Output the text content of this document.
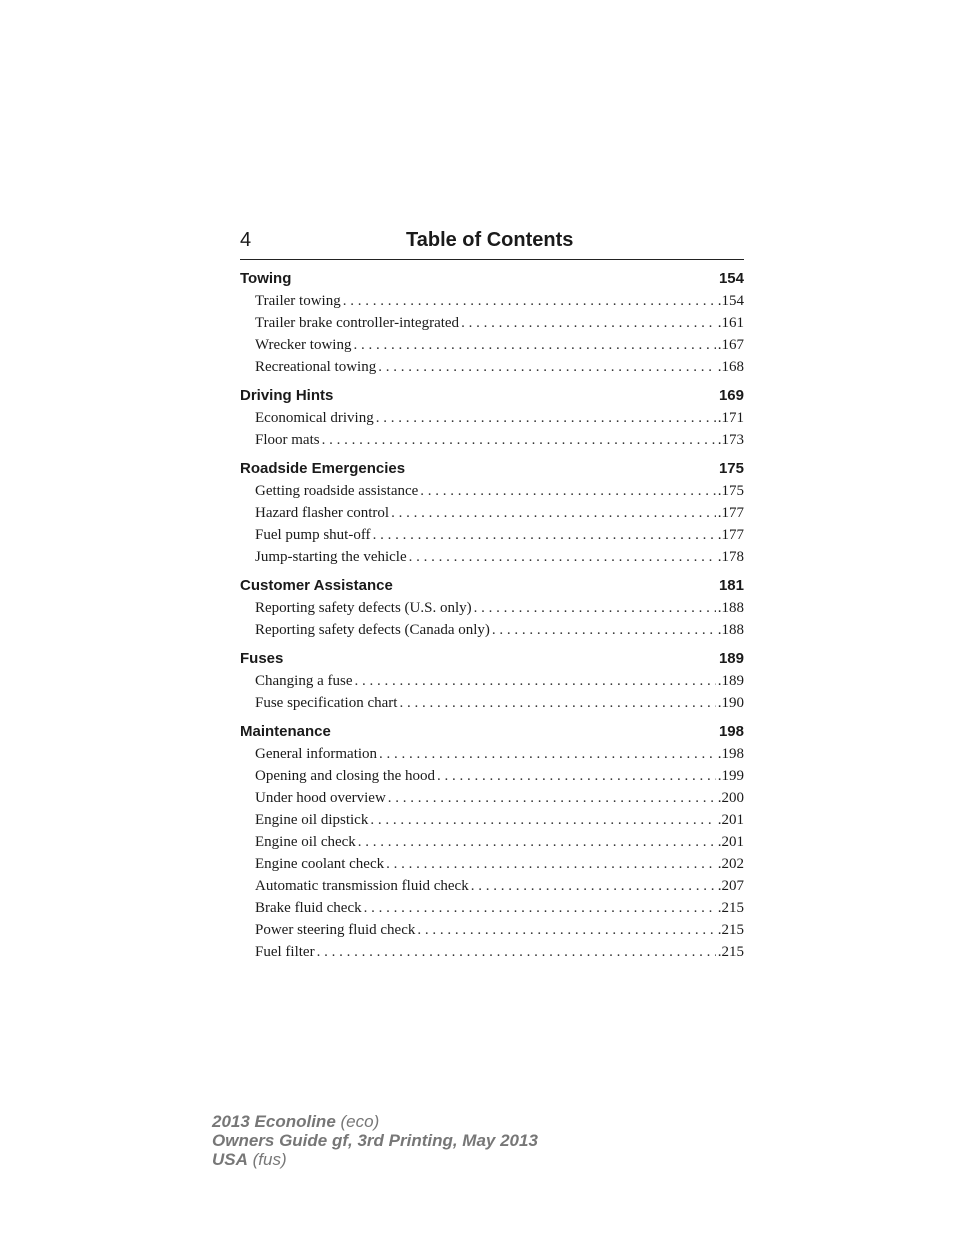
4	Table of Contents
Towing	154
Trailer towing . . .	.154
Trailer brake controller-integrated . . .	.161
Wrecker towing . . .	.167
Recreational towing . . .	.168
Driving Hints	169
Economical driving . . .	.171
Floor mats . . .	.173
Roadside Emergencies	175
Getting roadside assistance . . .	.175
Hazard flasher control . . .	.177
Fuel pump shut-off . . .	.177
Jump-starting the vehicle . . .	.178
Customer Assistance	181
Reporting safety defects (U.S. only) . . .	.188
Reporting safety defects (Canada only) . . .	.188
Fuses	189
Changing a fuse . . .	.189
Fuse specification chart . . .	.190
Maintenance	198
General information . . .	.198
Opening and closing the hood . . .	.199
Under hood overview . . .	.200
Engine oil dipstick . . .	.201
Engine oil check . . .	.201
Engine coolant check . . .	.202
Automatic transmission fluid check . . .	.207
Brake fluid check . . .	.215
Power steering fluid check . . .	.215
Fuel filter . . .	.215
2013 Econoline (eco)
Owners Guide gf, 3rd Printing, May 2013
USA (fus)
